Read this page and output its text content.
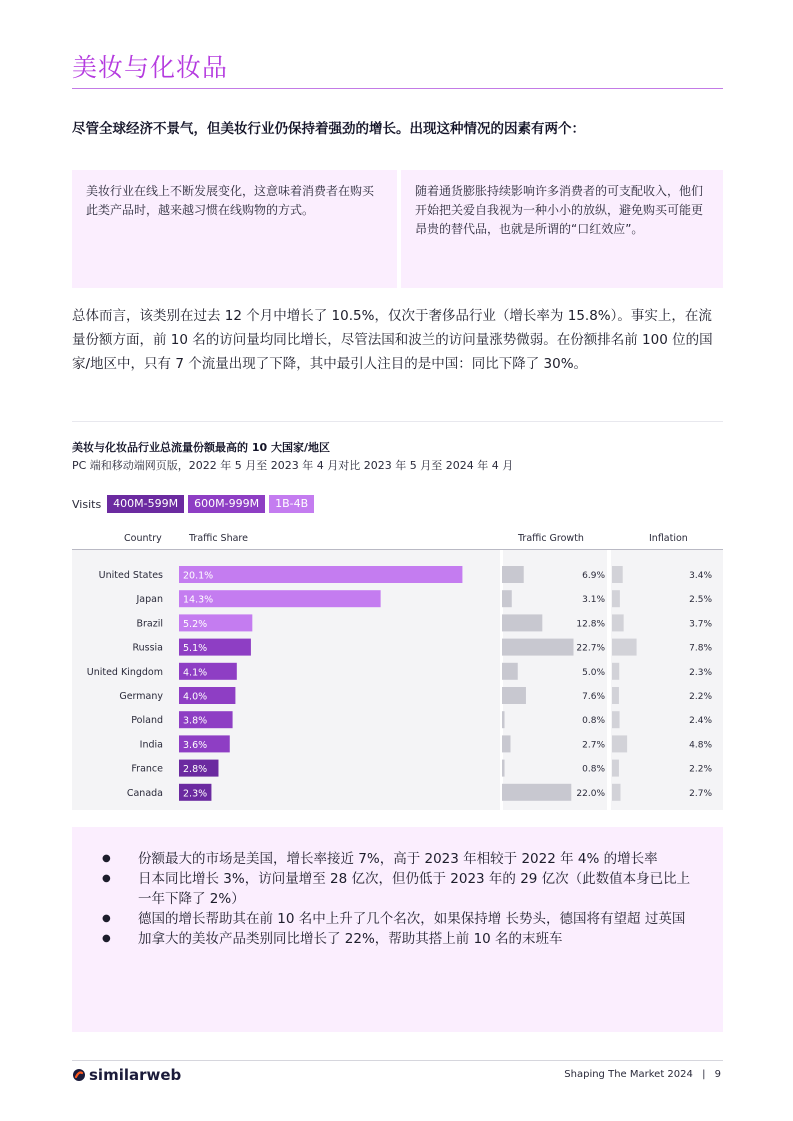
美妆与化妆品
尽管全球经济不景气，但美妆行业仍保持着强劲的增长。出现这种情况的因素有两个：
美妆行业在线上不断发展变化，这意味着消费者在购买此类产品时，越来越习惯在线购物的方式。
随着通货膨胀持续影响许多消费者的可支配收入，他们开始把关爱自我视为一种小小的放纵，避免购买可能更昂贵的替代品，也就是所谓的“口红效应”。
总体而言，该类别在过去 12 个月中增长了 10.5%，仅次于奢侈品行业（增长率为 15.8%）。事实上，在流量份额方面，前 10 名的访问量均同比增长，尽管法国和波兰的访问量涨势微弱。在份额排名前 100 位的国家/地区中，只有 7 个流量出现了下降，其中最引人注目的是中国：同比下降了 30%。
美妆与化妆品行业总流量份额最高的 10 大国家/地区
PC 端和移动端网页版，2022 年 5 月至 2023 年 4 月对比 2023 年 5 月至 2024 年 4 月
Visits	400M-599M	600M-999M	1B-4B
Country	Traffic Share	Traffic Growth	Inflation
United States 20.1%	6.9%	3.4%
Japan 14.3%	3.1%	2.5%
Brazil 5.2%	12.8%	3.7%
Russia 5.1%	22.7%	7.8%
United Kingdom 4.1%	5.0%	2.3%
Germany 4.0%	7.6%	2.2%
Poland 3.8%	0.8%	2.4%
India 3.6%	2.7%	4.8%
France 2.8%	0.8%	2.2%
Canada 2.3%	22.0%	2.7%
● 份额最大的市场是美国，增长率接近 7%，高于 2023 年相较于 2022 年 4% 的增长率
● 日本同比增长 3%，访问量增至 28 亿次，但仍低于 2023 年的 29 亿次（此数值本身已比上一年下降了 2%）
● 德国的增长帮助其在前 10 名中上升了几个名次，如果保持增 长势头，德国将有望超 过英国
● 加拿大的美妆产品类别同比增长了 22%，帮助其搭上前 10 名的末班车
similarweb	Shaping The Market 2024 | 9
